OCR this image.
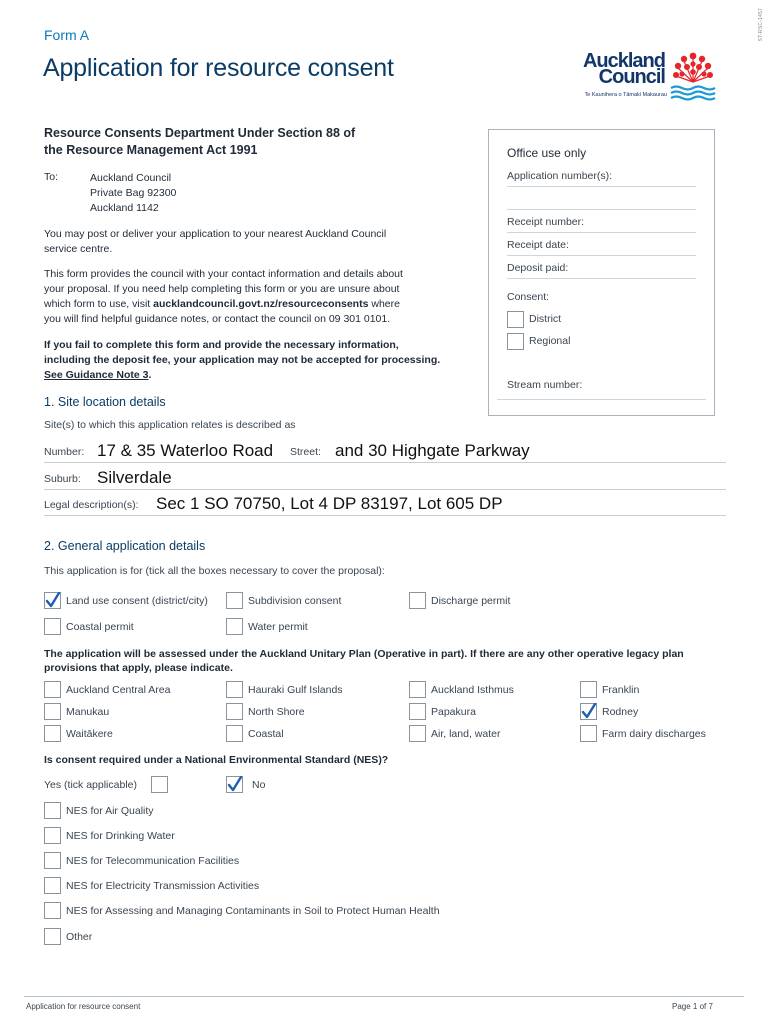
ST-RSC-1457
Form A
Application for resource consent	Auckland
Council
Te Kaunihera o Tāmaki Makaurau
Resource Consents Department Under Section 88 of
the Resource Management Act 1991
To:	Auckland Council
Private Bag 92300
Auckland 1142
You may post or deliver your application to your nearest Auckland Council
service centre.
This form provides the council with your contact information and details about
your proposal. If you need help completing this form or you are unsure about
which form to use, visit aucklandcouncil.govt.nz/resourceconsents where
you will find helpful guidance notes, or contact the council on 09 301 0101.
If you fail to complete this form and provide the necessary information,
including the deposit fee, your application may not be accepted for processing.
See Guidance Note 3.
Office use only
Application number(s):
Receipt number:
Receipt date:
Deposit paid:
Consent:
District
Regional
Stream number:
1. Site location details
Site(s) to which this application relates is described as
Number: 17 & 35 Waterloo Road Street: and 30 Highgate Parkway
Suburb: Silverdale
Legal description(s): Sec 1 SO 70750, Lot 4 DP 83197, Lot 605 DP
2. General application details
This application is for (tick all the boxes necessary to cover the proposal):
Land use consent (district/city)	Subdivision consent	Discharge permit
Coastal permit	Water permit
The application will be assessed under the Auckland Unitary Plan (Operative in part). If there are any other operative legacy plan
provisions that apply, please indicate.
Auckland Central Area	Hauraki Gulf Islands	Auckland Isthmus	Franklin
Manukau	North Shore	Papakura	Rodney
Waitākere	Coastal	Air, land, water	Farm dairy discharges
Is consent required under a National Environmental Standard (NES)?
Yes (tick applicable)	No
NES for Air Quality
NES for Drinking Water
NES for Telecommunication Facilities
NES for Electricity Transmission Activities
NES for Assessing and Managing Contaminants in Soil to Protect Human Health
Other
Application for resource consent	Page 1 of 7
